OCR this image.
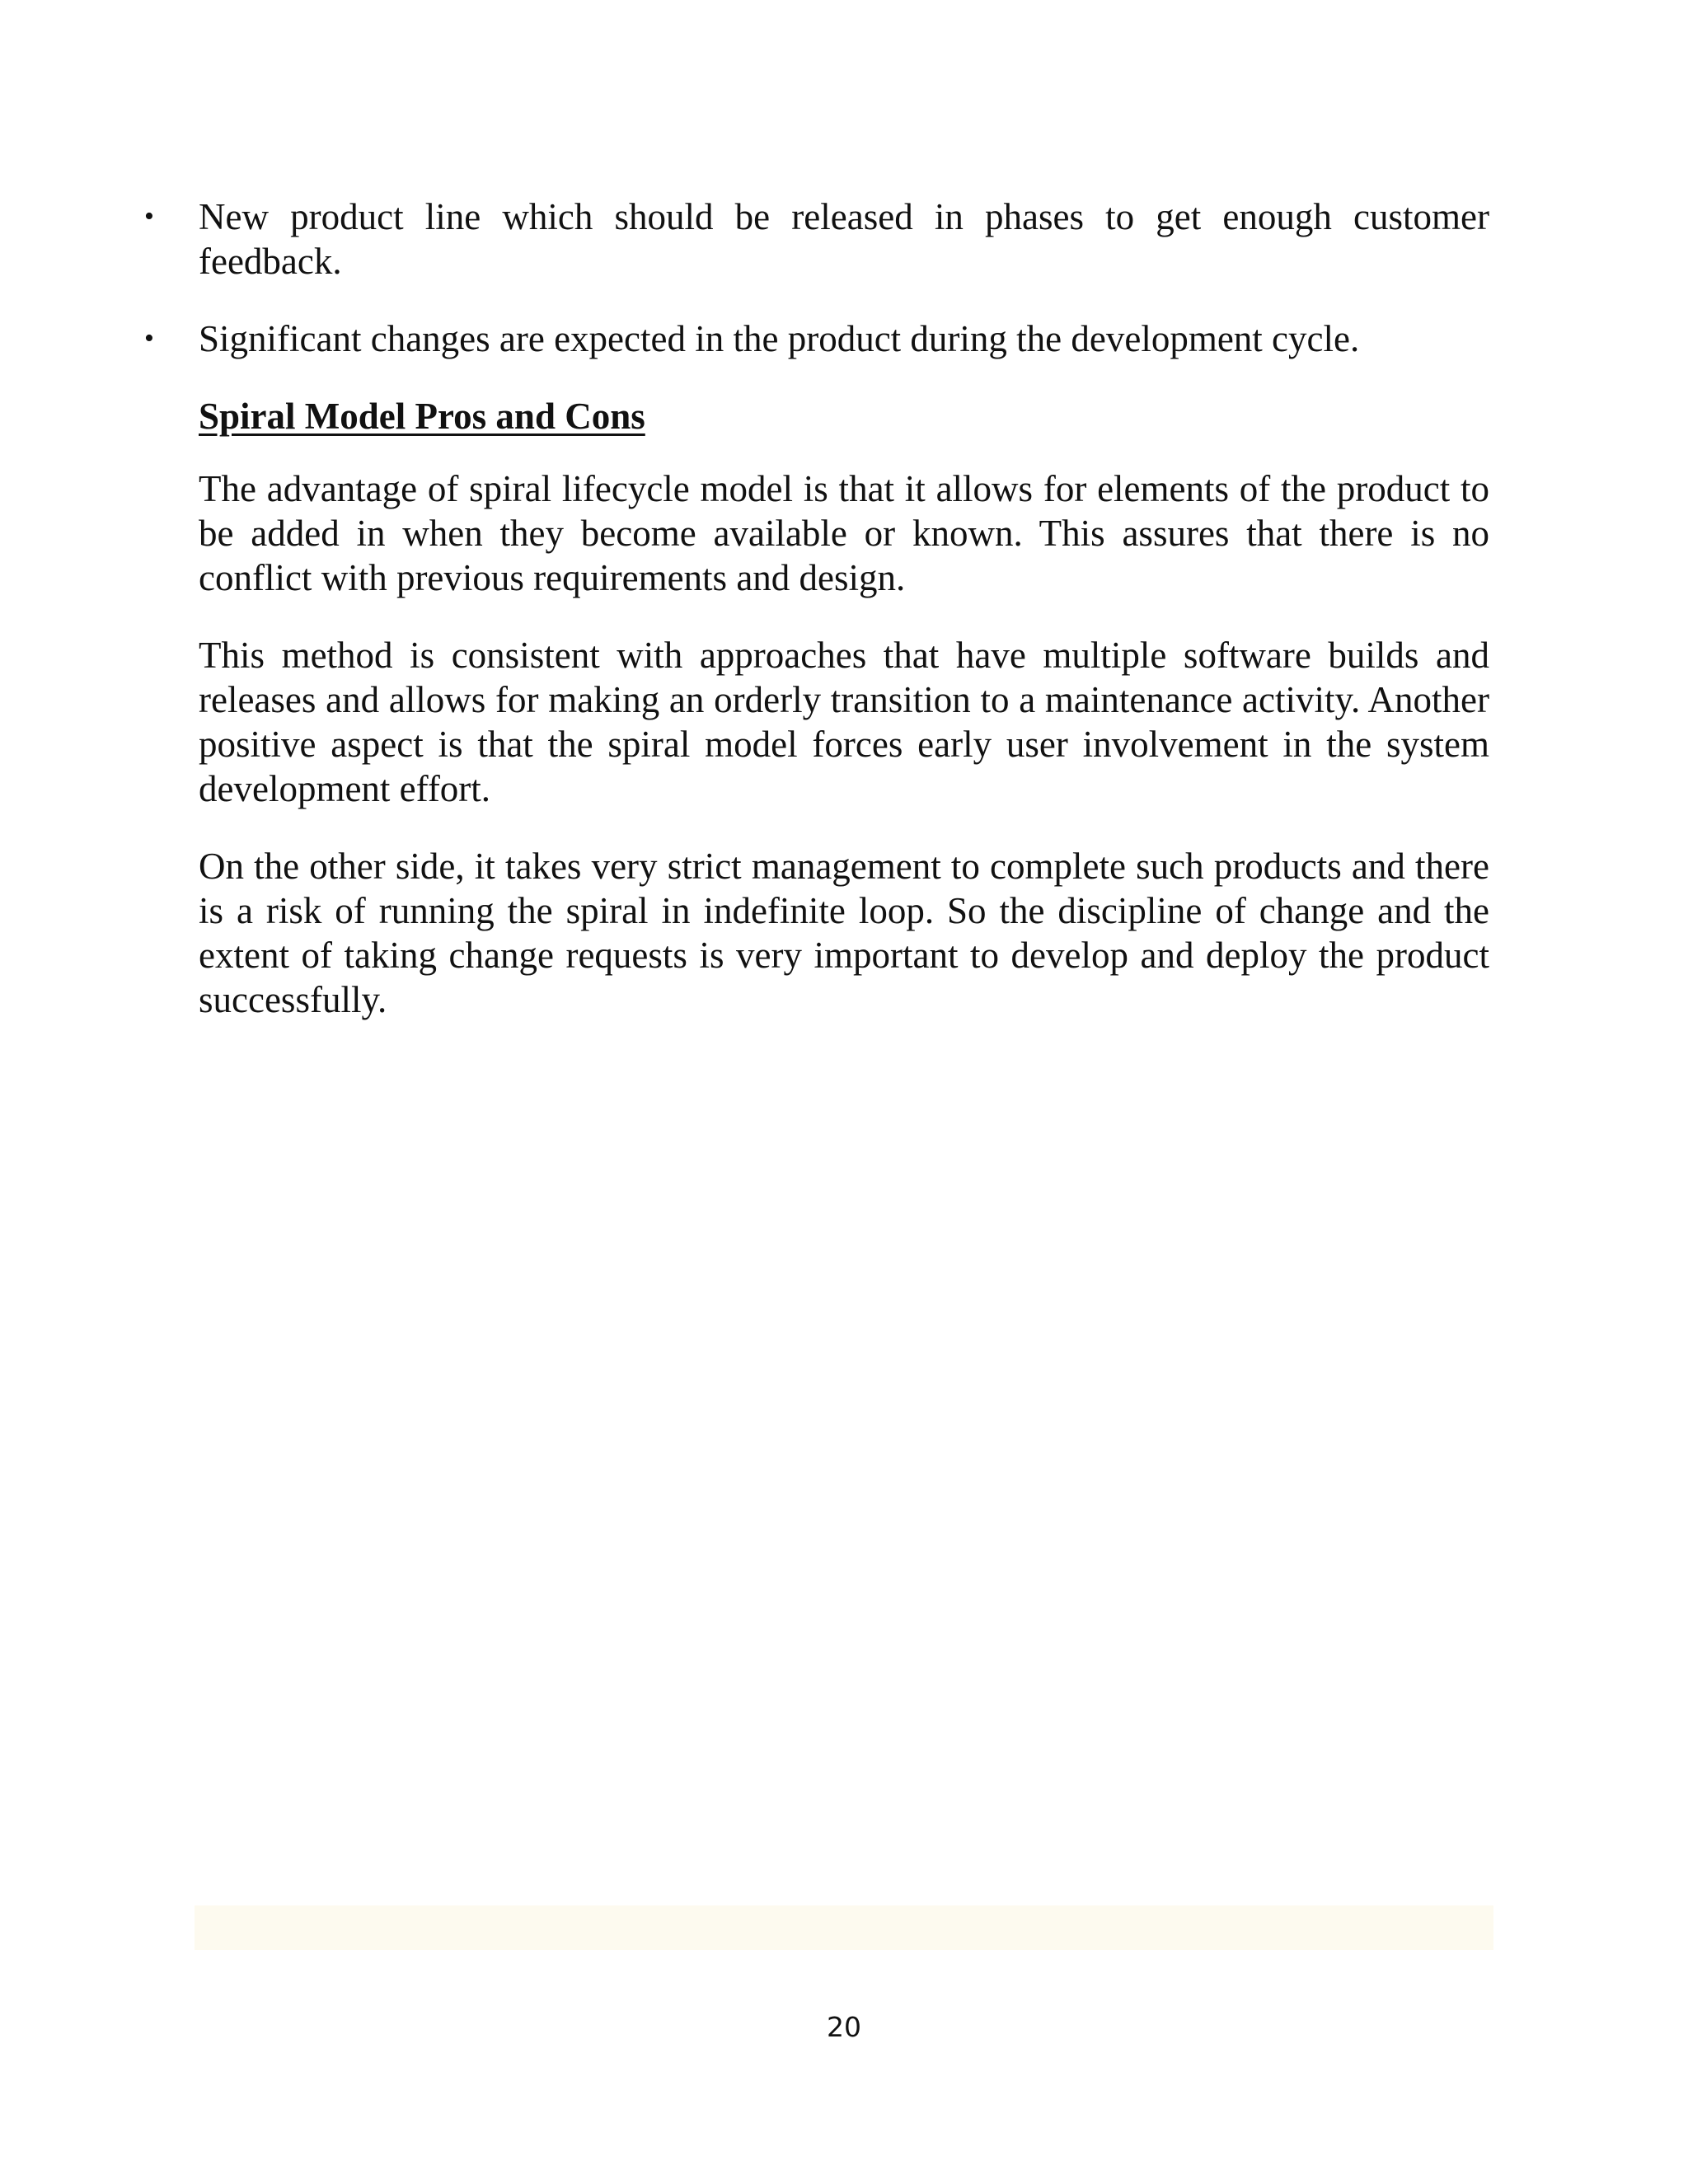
• New product line which should be released in phases to get enough customer feedback.
• Significant changes are expected in the product during the development cycle.
Spiral Model Pros and Cons

The advantage of spiral lifecycle model is that it allows for elements of the product to be added in when they become available or known. This assures that there is no conflict with previous requirements and design.

This method is consistent with approaches that have multiple software builds and releases and allows for making an orderly transition to a maintenance activity. Another positive aspect is that the spiral model forces early user involvement in the system development effort.

On the other side, it takes very strict management to complete such products and there is a risk of running the spiral in indefinite loop. So the discipline of change and the extent of taking change requests is very important to develop and deploy the product successfully.

20
